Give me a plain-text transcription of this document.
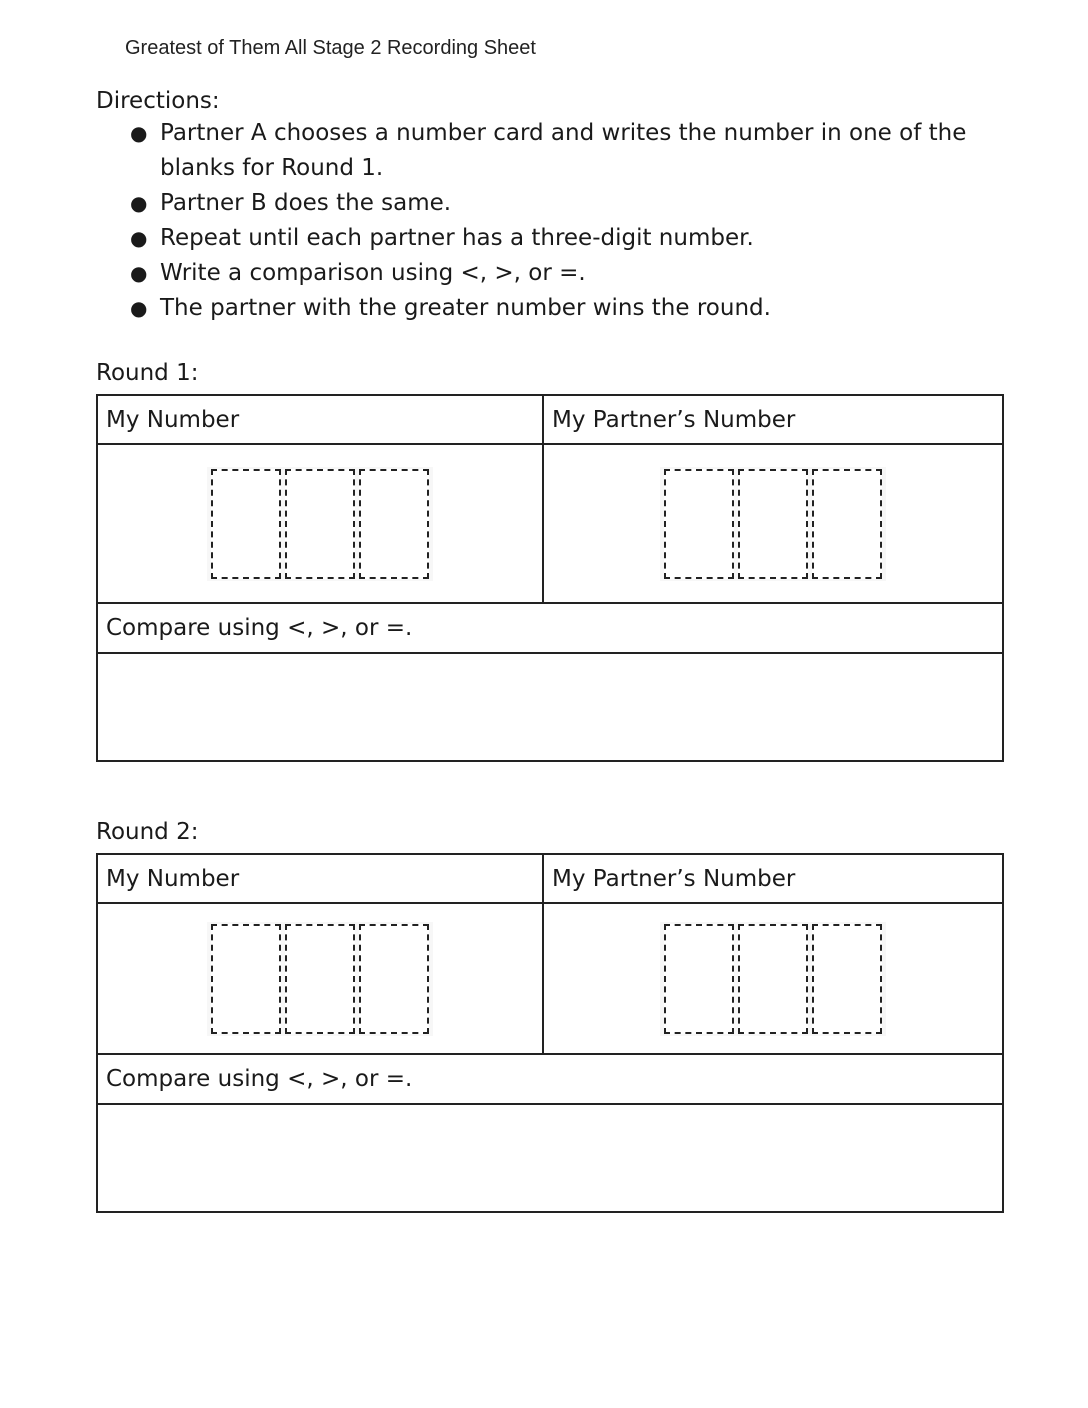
Greatest of Them All Stage 2 Recording Sheet
Directions:
● Partner A chooses a number card and writes the number in one of the blanks for Round 1.
● Partner B does the same.
● Repeat until each partner has a three-digit number.
● Write a comparison using <, >, or =.
● The partner with the greater number wins the round.
Round 1:
My Number	My Partner’s Number
Compare using <, >, or = .
Round 2:
My Number	My Partner’s Number
Compare using <, >, or = .
